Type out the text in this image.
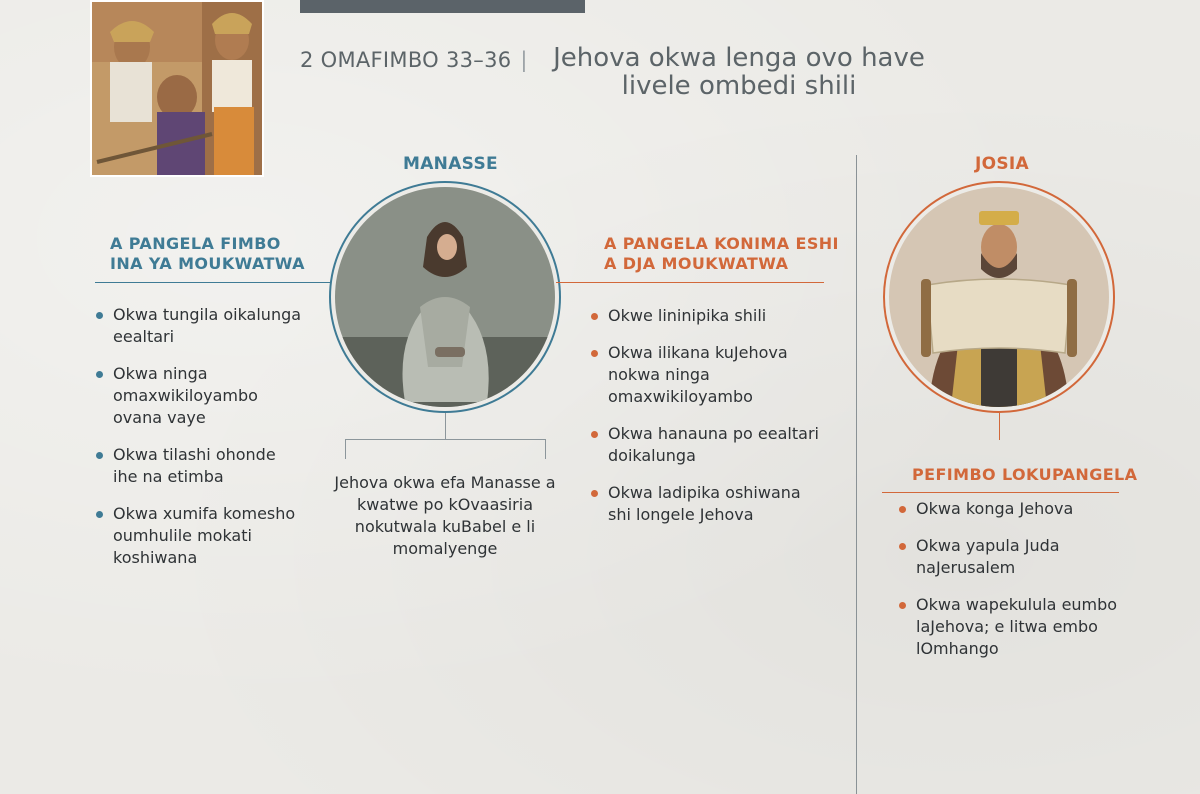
2 OMAFIMBO 33–36 | Jehova okwa lenga ovo have
livele ombedi shili
MANASSE
A PANGELA FIMBO
INA YA MOUKWATWA
Okwa tungila oikalunga eealtari
Okwa ninga omaxwikiloyambo ovana vaye
Okwa tilashi ohonde ihe na etimba
Okwa xumifa komesho oumhulile mokati koshiwana
Jehova okwa efa Manasse a kwatwe po kOvaasiria nokutwala kuBabel e li momalyenge
A PANGELA KONIMA ESHI
A DJA MOUKWATWA
Okwe lininipika shili
Okwa ilikana kuJehova nokwa ninga omaxwikiloyambo
Okwa hanauna po eealtari doikalunga
Okwa ladipika oshiwana shi longele Jehova
JOSIA
PEFIMBO LOKUPANGELA
Okwa konga Jehova
Okwa yapula Juda naJerusalem
Okwa wapekulula eumbo laJehova; e litwa embo lOmhango
